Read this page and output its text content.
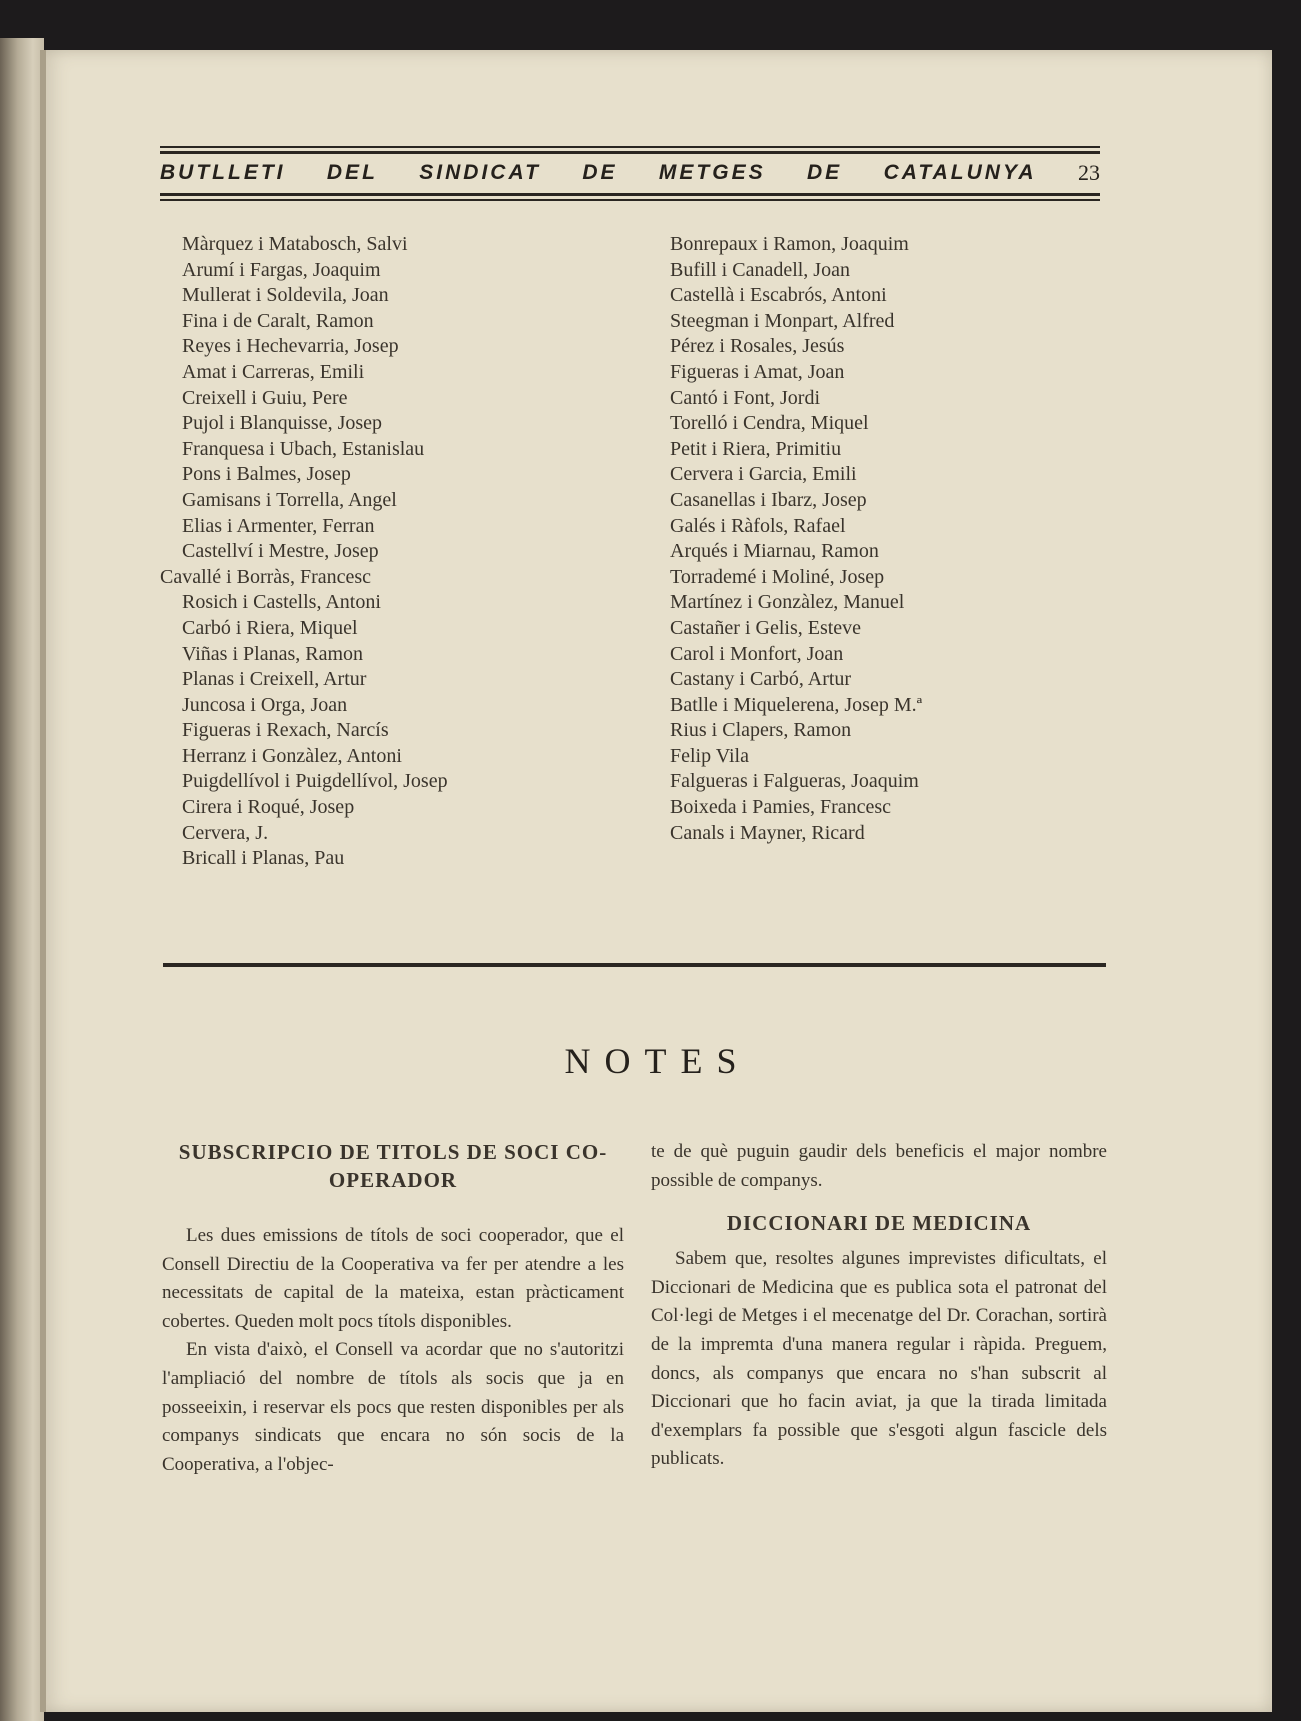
BUTLLETI DEL SINDICAT DE METGES DE CATALUNYA 23
Màrquez i Matabosch, Salvi
Arumí i Fargas, Joaquim
Mullerat i Soldevila, Joan
Fina i de Caralt, Ramon
Reyes i Hechevarria, Josep
Amat i Carreras, Emili
Creixell i Guiu, Pere
Pujol i Blanquisse, Josep
Franquesa i Ubach, Estanislau
Pons i Balmes, Josep
Gamisans i Torrella, Angel
Elias i Armenter, Ferran
Castellví i Mestre, Josep
Cavallé i Borràs, Francesc
Rosich i Castells, Antoni
Carbó i Riera, Miquel
Viñas i Planas, Ramon
Planas i Creixell, Artur
Juncosa i Orga, Joan
Figueras i Rexach, Narcís
Herranz i Gonzàlez, Antoni
Puigdellívol i Puigdellívol, Josep
Cirera i Roqué, Josep
Cervera, J.
Bricall i Planas, Pau
Bonrepaux i Ramon, Joaquim
Bufill i Canadell, Joan
Castellà i Escabrós, Antoni
Steegman i Monpart, Alfred
Pérez i Rosales, Jesús
Figueras i Amat, Joan
Cantó i Font, Jordi
Torelló i Cendra, Miquel
Petit i Riera, Primitiu
Cervera i Garcia, Emili
Casanellas i Ibarz, Josep
Galés i Ràfols, Rafael
Arqués i Miarnau, Ramon
Torrademé i Moliné, Josep
Martínez i Gonzàlez, Manuel
Castañer i Gelis, Esteve
Carol i Monfort, Joan
Castany i Carbó, Artur
Batlle i Miquelerena, Josep M.ª
Rius i Clapers, Ramon
Felip Vila
Falgueras i Falgueras, Joaquim
Boixeda i Pamies, Francesc
Canals i Mayner, Ricard
NOTES
SUBSCRIPCIO DE TITOLS DE SOCI CO-OPERADOR

Les dues emissions de títols de soci cooperador, que el Consell Directiu de la Cooperativa va fer per atendre a les necessitats de capital de la mateixa, estan pràcticament cobertes. Queden molt pocs títols disponibles.

En vista d'això, el Consell va acordar que no s'autoritzi l'ampliació del nombre de títols als socis que ja en posseeixin, i reservar els pocs que resten disponibles per als companys sindicats que encara no són socis de la Cooperativa, a l'objec-

te de què puguin gaudir dels beneficis el major nombre possible de companys.

DICCIONARI DE MEDICINA

Sabem que, resoltes algunes imprevistes dificultats, el Diccionari de Medicina que es publica sota el patronat del Col·legi de Metges i el mecenatge del Dr. Corachan, sortirà de la impremta d'una manera regular i ràpida. Preguem, doncs, als companys que encara no s'han subscrit al Diccionari que ho facin aviat, ja que la tirada limitada d'exemplars fa possible que s'esgoti algun fascicle dels publicats.
